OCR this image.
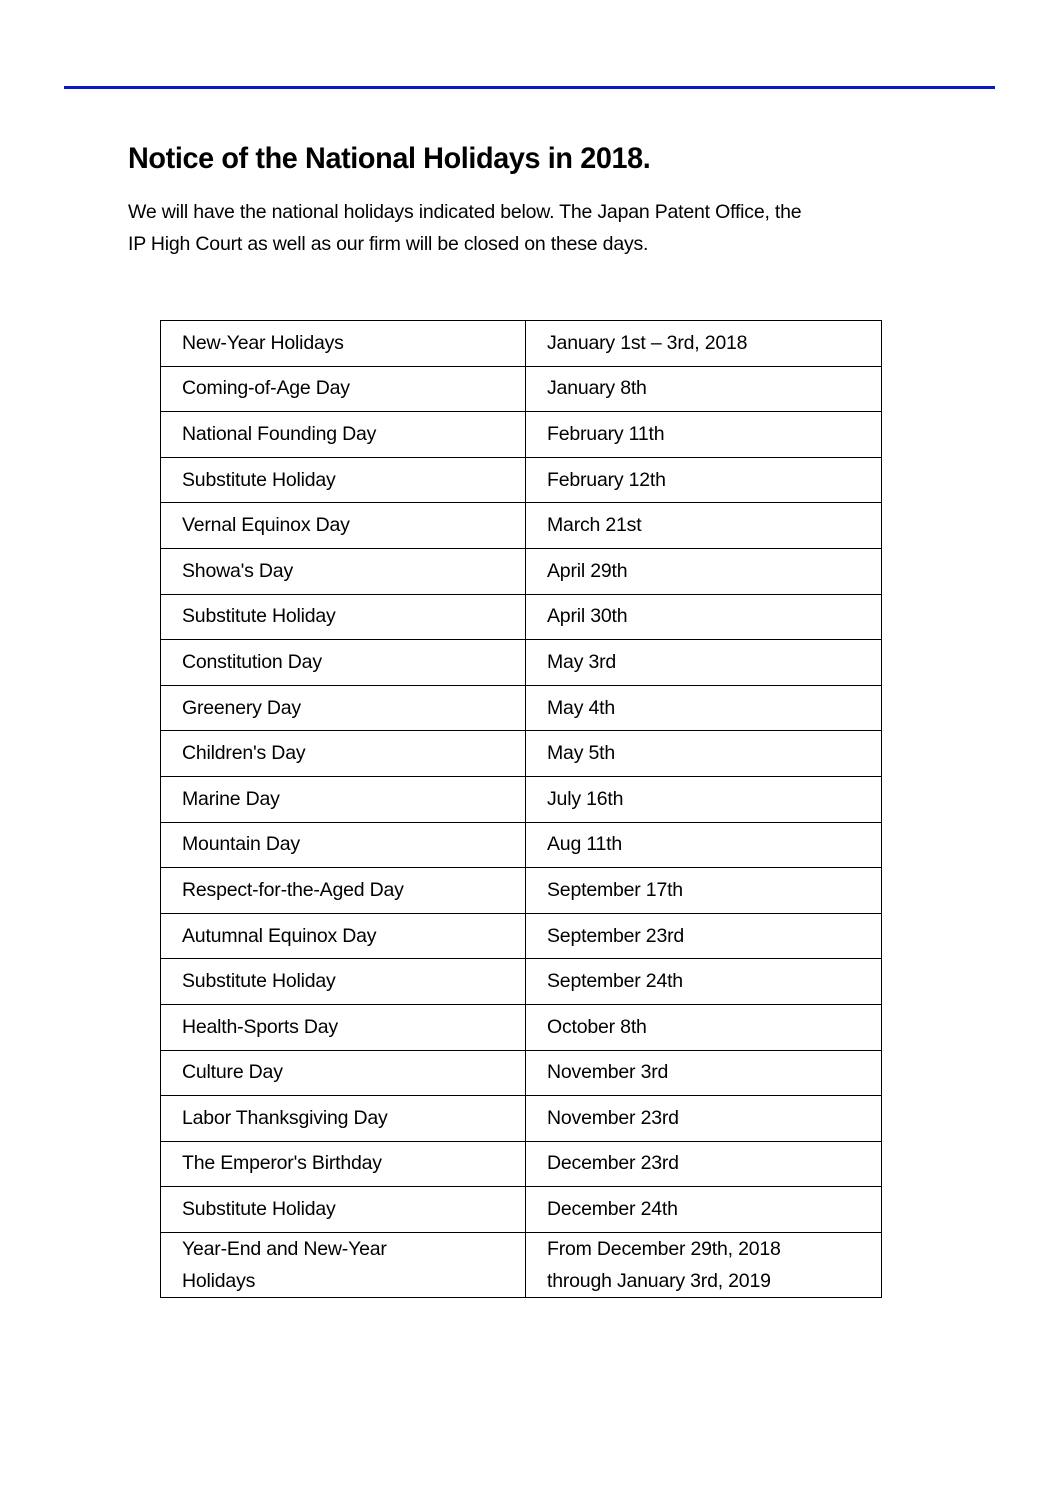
Notice of the National Holidays in 2018.
We will have the national holidays indicated below. The Japan Patent Office, the
IP High Court as well as our firm will be closed on these days.
New-Year Holidays	January 1st – 3rd, 2018
Coming-of-Age Day	January 8th
National Founding Day	February 11th
Substitute Holiday	February 12th
Vernal Equinox Day	March 21st
Showa's Day	April 29th
Substitute Holiday	April 30th
Constitution Day	May 3rd
Greenery Day	May 4th
Children's Day	May 5th
Marine Day	July 16th
Mountain Day	Aug 11th
Respect-for-the-Aged Day	September 17th
Autumnal Equinox Day	September 23rd
Substitute Holiday	September 24th
Health-Sports Day	October 8th
Culture Day	November 3rd
Labor Thanksgiving Day	November 23rd
The Emperor's Birthday	December 23rd
Substitute Holiday	December 24th
Year-End and New-Year
Holidays	From December 29th, 2018
through January 3rd, 2019
